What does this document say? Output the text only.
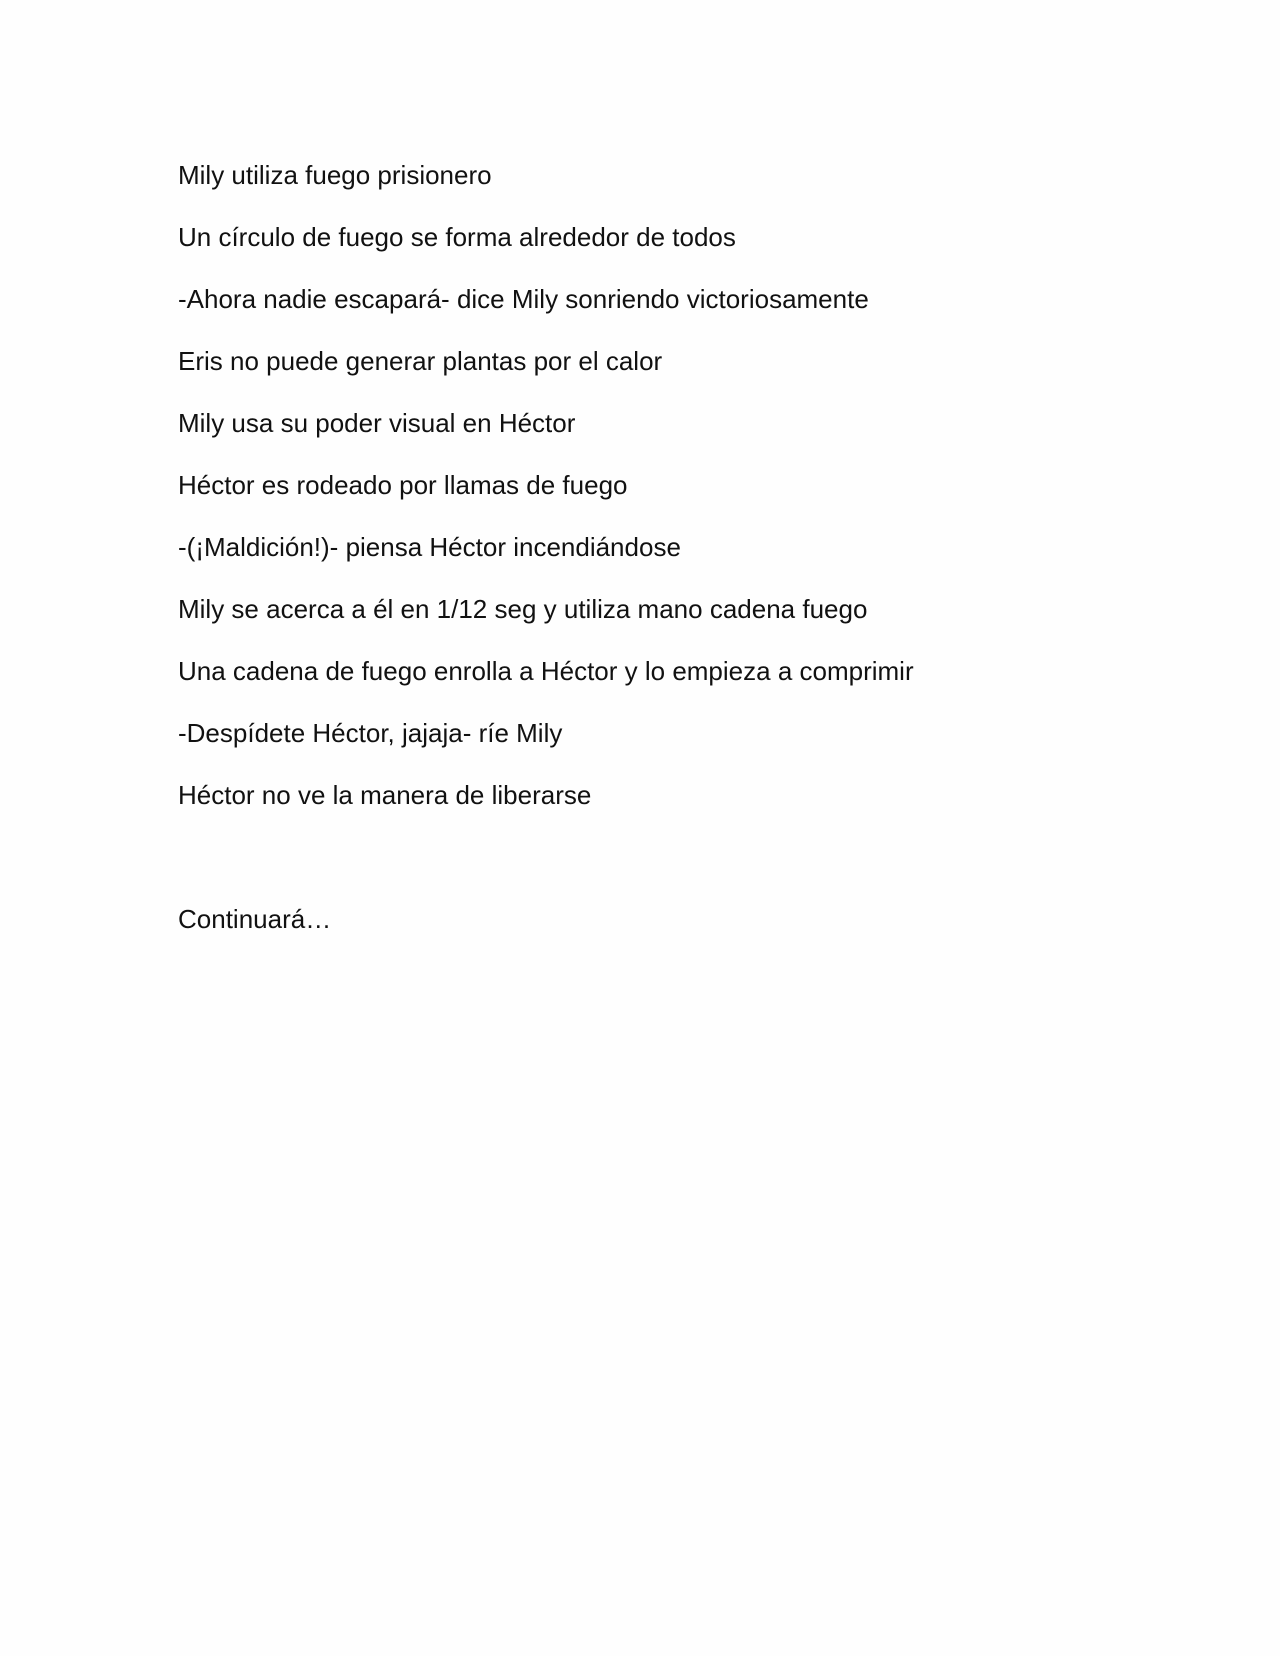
Mily utiliza fuego prisionero

Un círculo de fuego se forma alrededor de todos

-Ahora nadie escapará- dice Mily sonriendo victoriosamente

Eris no puede generar plantas por el calor

Mily usa su poder visual en Héctor

Héctor es rodeado por llamas de fuego

-(¡Maldición!)- piensa Héctor incendiándose

Mily se acerca a él en 1/12 seg y utiliza mano cadena fuego

Una cadena de fuego enrolla a Héctor y lo empieza a comprimir

-Despídete Héctor, jajaja- ríe Mily

Héctor no ve la manera de liberarse

Continuará…
